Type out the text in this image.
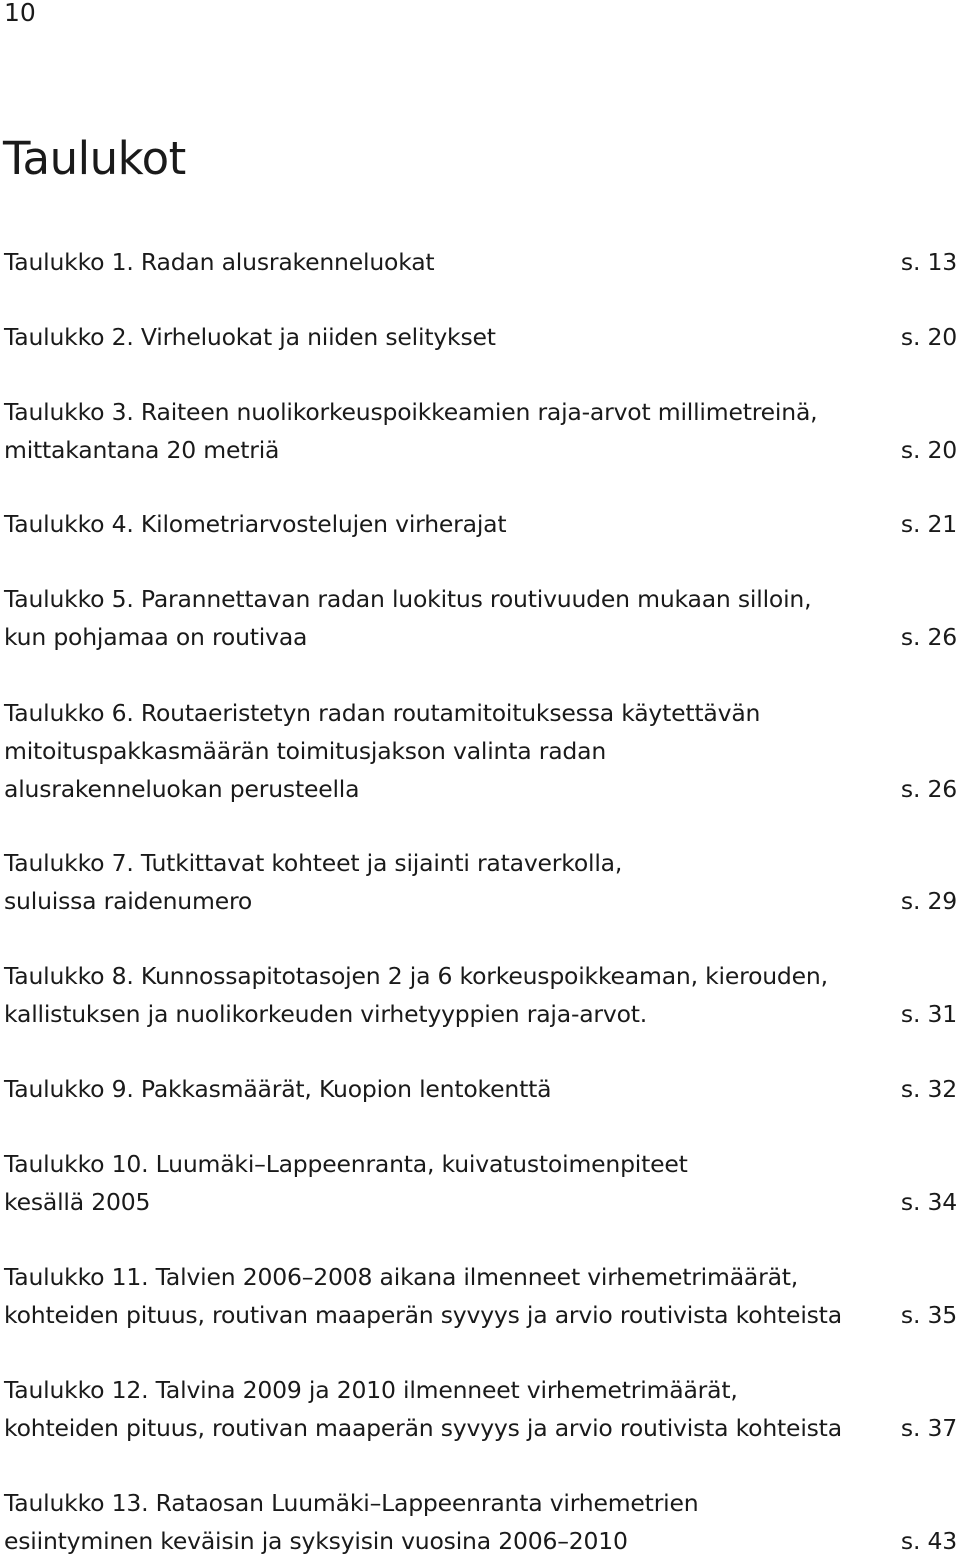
10
Taulukot
Taulukko 1. Radan alusrakenneluokat	s. 13
Taulukko 2. Virheluokat ja niiden selitykset	s. 20
Taulukko 3. Raiteen nuolikorkeuspoikkeamien raja-arvot millimetreinä,
mittakantana 20 metriä	s. 20
Taulukko 4. Kilometriarvostelujen virherajat	s. 21
Taulukko 5. Parannettavan radan luokitus routivuuden mukaan silloin,
kun pohjamaa on routivaa	s. 26
Taulukko 6. Routaeristetyn radan routamitoituksessa käytettävän
mitoituspakkasmäärän toimitusjakson valinta radan
alusrakenneluokan perusteella	s. 26
Taulukko 7. Tutkittavat kohteet ja sijainti rataverkolla,
suluissa raidenumero	s. 29
Taulukko 8. Kunnossapitotasojen 2 ja 6 korkeuspoikkeaman, kierouden,
kallistuksen ja nuolikorkeuden virhetyyppien raja-arvot.	s. 31
Taulukko 9. Pakkasmäärät, Kuopion lentokenttä	s. 32
Taulukko 10. Luumäki–Lappeenranta, kuivatustoimenpiteet
kesällä 2005	s. 34
Taulukko 11. Talvien 2006–2008 aikana ilmenneet virhemetrimäärät,
kohteiden pituus, routivan maaperän syvyys ja arvio routivista kohteista	s. 35
Taulukko 12. Talvina 2009 ja 2010 ilmenneet virhemetrimäärät,
kohteiden pituus, routivan maaperän syvyys ja arvio routivista kohteista	s. 37
Taulukko 13. Rataosan Luumäki–Lappeenranta virhemetrien
esiintyminen keväisin ja syksyisin vuosina 2006–2010	s. 43
